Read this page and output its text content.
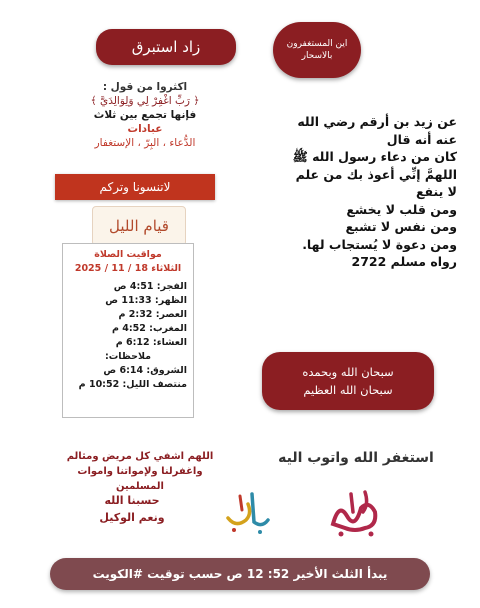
اين المستغفرون
بالاسحار
زاد استبرق
اكثروا من قول :
﴿ رَبِّ اغْفِرْ لِي وَلِوَالِدَيَّ ﴾
فإنها تجمع بين ثلاث
عبادات
الدُّعاء ، البِرّ ، الإستغفار
لاتنسونا وتركم
قيام الليل
عن زيد بن أرقم رضي الله
عنه أنه قال
كان من دعاء رسول الله ﷺ
اللهمَّ إنِّي أعوذ بك من علم
لا ينفع
ومن قلب لا يخشع
ومن نفس لا تشبع
ومن دعوة لا يُستجاب لها.
رواه مسلم 2722
مواقيت الصلاة
الثلاثاء 18 / 11 / 2025
الفجر: 4:51 ص
الظهر: 11:33 ص
العصر: 2:32 م
المغرب: 4:52 م
العشاء: 6:12 م
ملاحظات:
الشروق: 6:14 ص
منتصف الليل: 10:52 م
سبحان الله وبحمده
سبحان الله العظيم
اللهم اشفي كل مريض ومثالم
واغفرلنا ولإمواتنا واموات المسلمين
استغفر الله واتوب اليه
حسبنا الله
ونعم الوكيل
يبدأ الثلث الأخير 52: 12 ص حسب توقيت #الكويت
